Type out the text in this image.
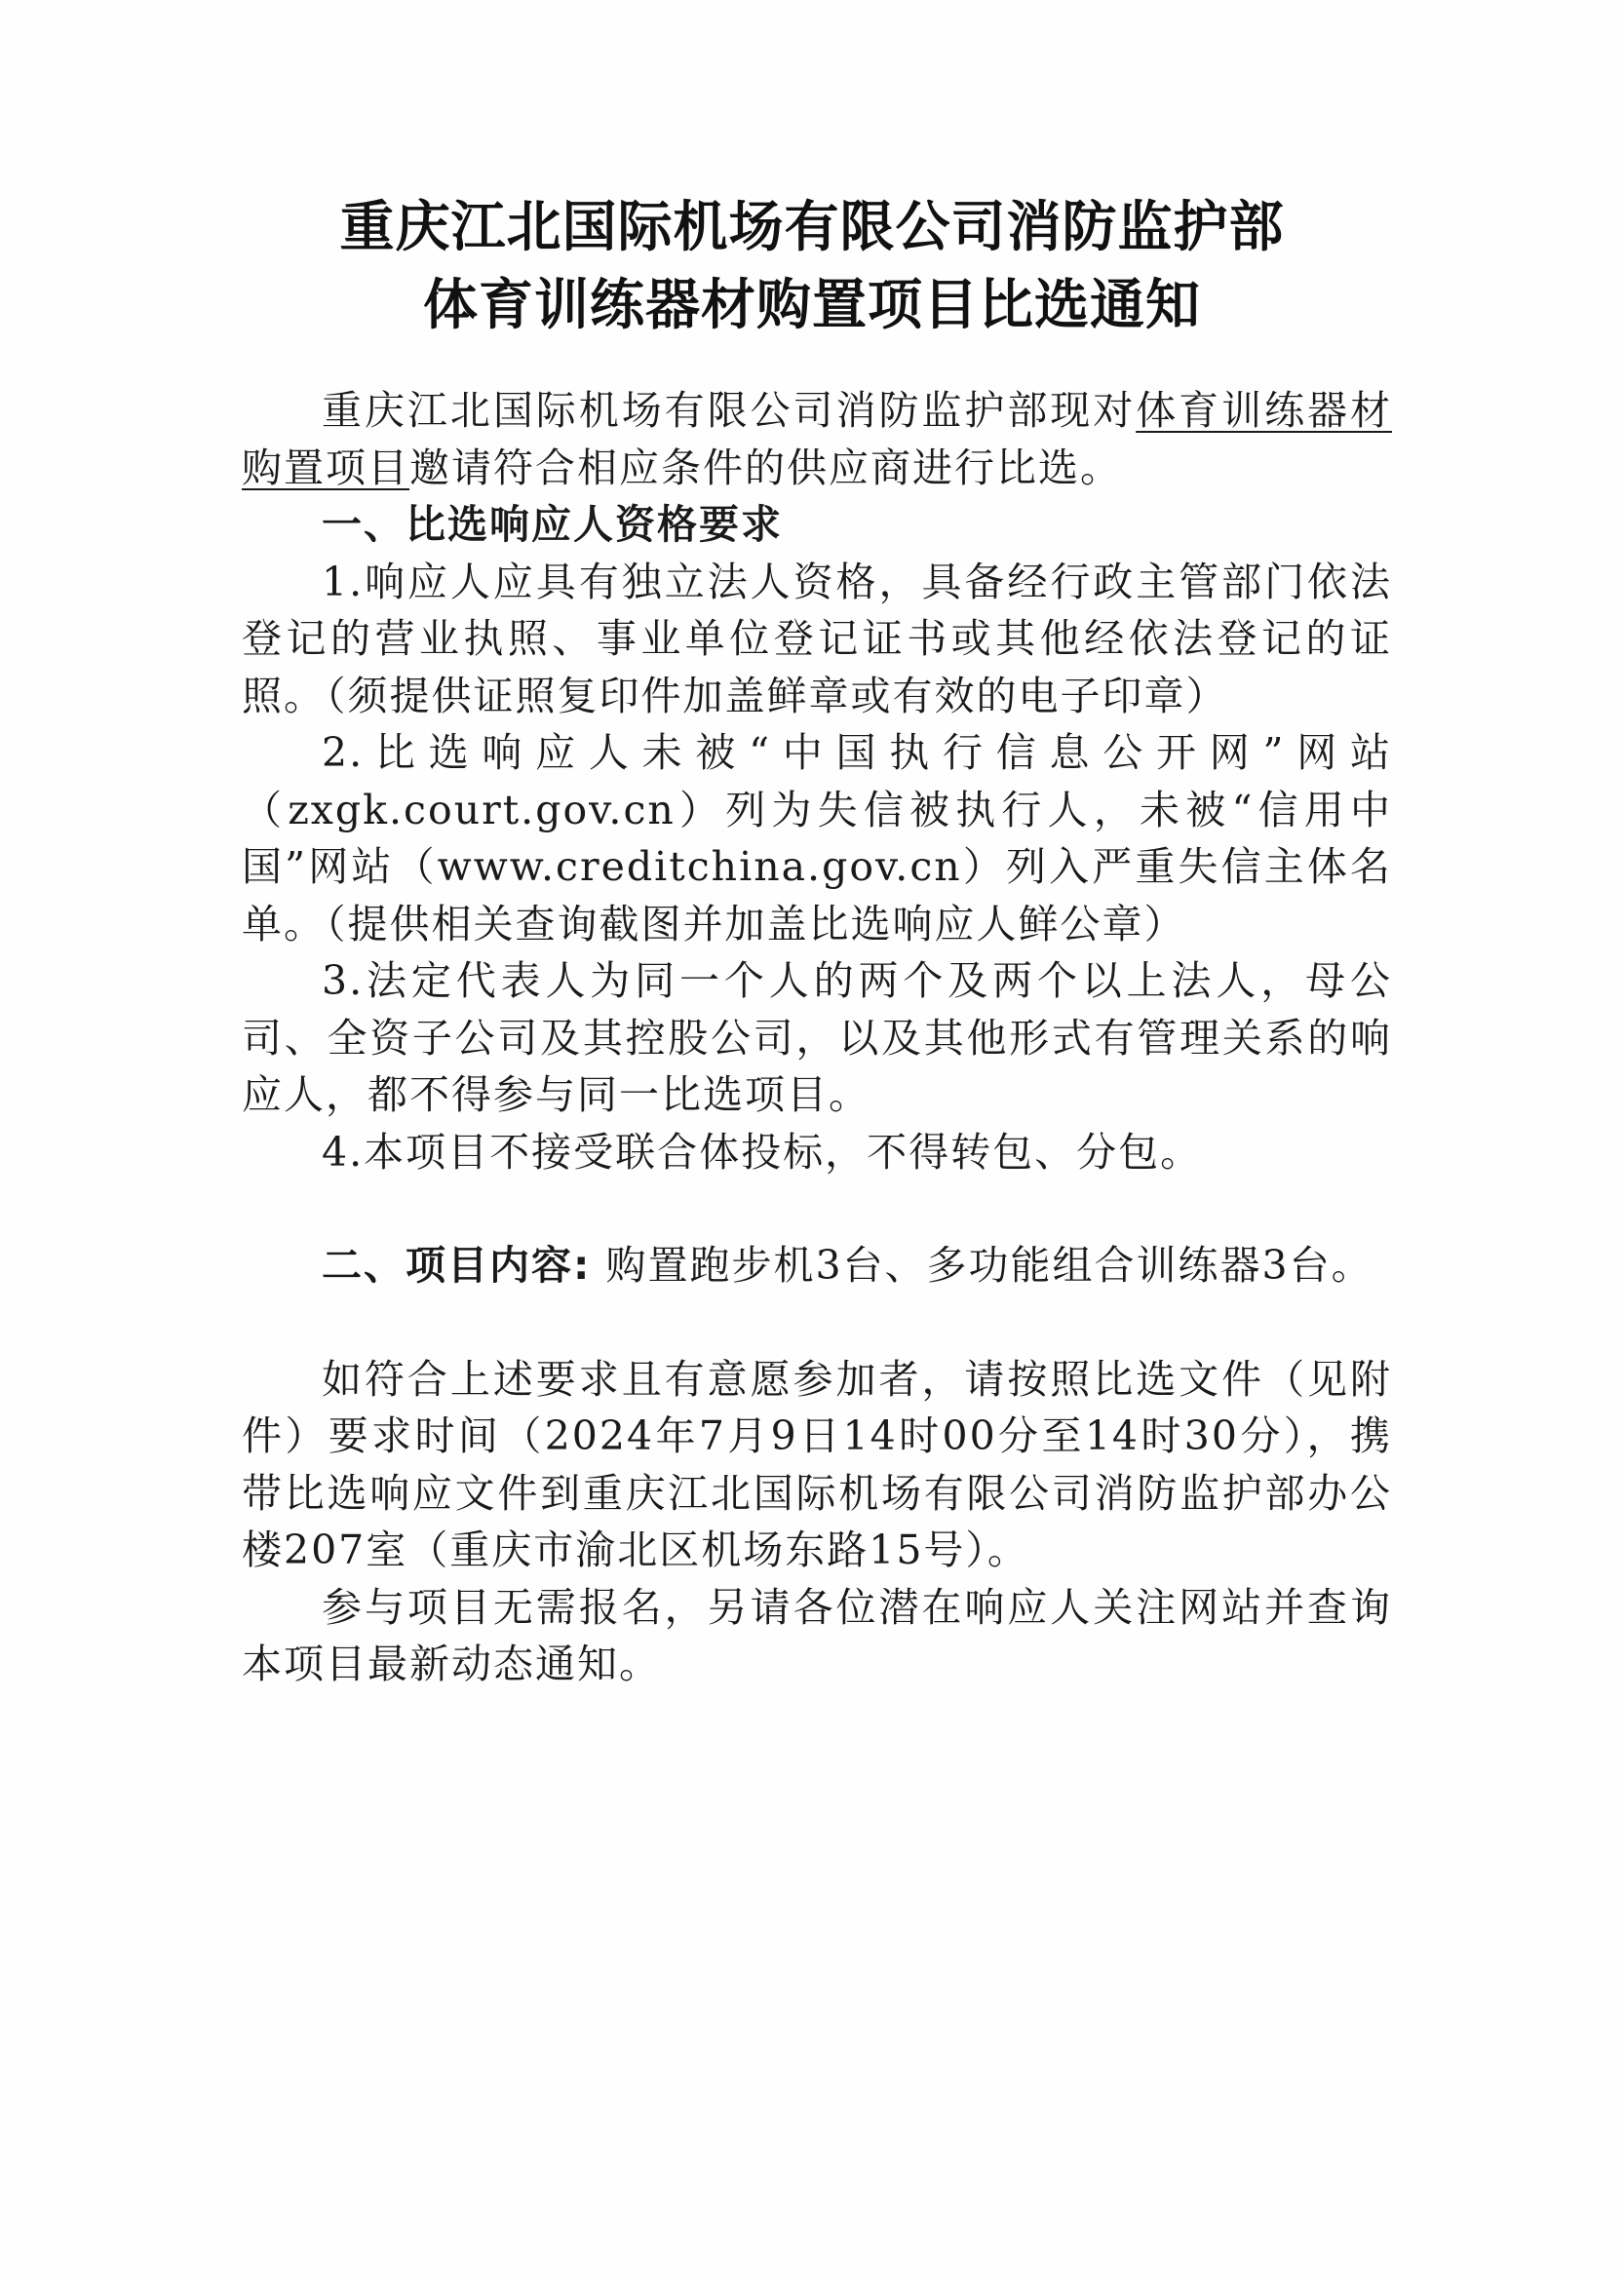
重庆江北国际机场有限公司消防监护部
体育训练器材购置项目比选通知

重庆江北国际机场有限公司消防监护部现对体育训练器材购置项目邀请符合相应条件的供应商进行比选。

一、比选响应人资格要求

1.响应人应具有独立法人资格，具备经行政主管部门依法登记的营业执照、事业单位登记证书或其他经依法登记的证照。（须提供证照复印件加盖鲜章或有效的电子印章）

2.比选响应人未被“中国执行信息公开网”网站（zxgk.court.gov.cn）列为失信被执行人，未被“信用中国”网站（www.creditchina.gov.cn）列入严重失信主体名单。（提供相关查询截图并加盖比选响应人鲜公章）

3.法定代表人为同一个人的两个及两个以上法人，母公司、全资子公司及其控股公司，以及其他形式有管理关系的响应人，都不得参与同一比选项目。

4.本项目不接受联合体投标，不得转包、分包。

二、项目内容: 购置跑步机3台、多功能组合训练器3台。

如符合上述要求且有意愿参加者，请按照比选文件（见附件）要求时间（2024年7月9日14时00分至14时30分），携带比选响应文件到重庆江北国际机场有限公司消防监护部办公楼207室（重庆市渝北区机场东路15号）。

参与项目无需报名，另请各位潜在响应人关注网站并查询本项目最新动态通知。
